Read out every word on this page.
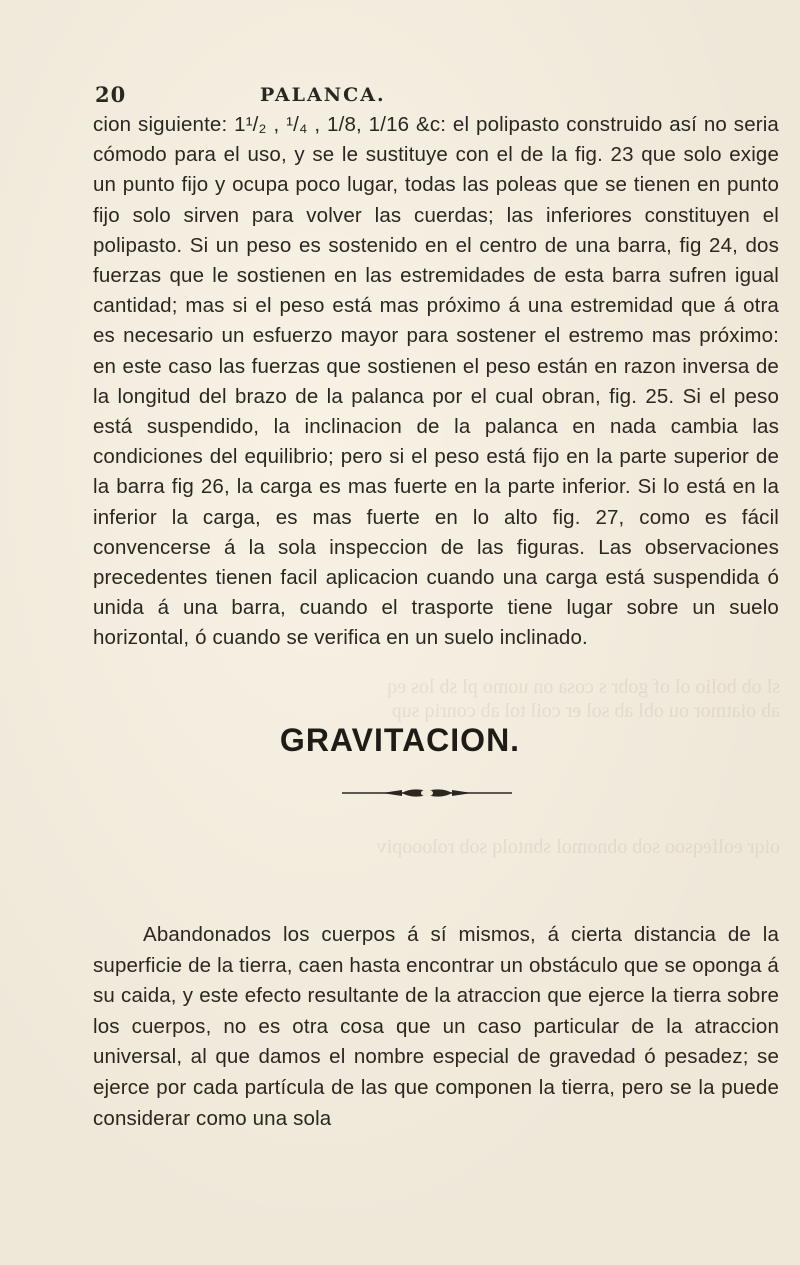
sl ob bolio ol of gobr s cosa on uomo pl sb los eq
ab oiatmor ou obl ab sol er coil tol ab conriq sup
oiqr eolfeqsoo sob obnomol sbntolq sob rolooopiv
20	PALANCA.

cion siguiente: 1¹/₂ , ¹/₄ , 1/8, 1/16 &c: el polipasto construido así no seria cómodo para el uso, y se le sustituye con el de la fig. 23 que solo exige un punto fijo y ocupa poco lugar, todas las poleas que se tienen en punto fijo solo sirven para volver las cuerdas; las inferiores constituyen el polipasto. Si un peso es sostenido en el centro de una barra, fig 24, dos fuerzas que le sostienen en las estremidades de esta barra sufren igual cantidad; mas si el peso está mas próximo á una estremidad que á otra es necesario un esfuerzo mayor para sostener el estremo mas próximo: en este caso las fuerzas que sostienen el peso están en razon inversa de la longitud del brazo de la palanca por el cual obran, fig. 25. Si el peso está suspendido, la inclinacion de la palanca en nada cambia las condiciones del equilibrio; pero si el peso está fijo en la parte superior de la barra fig 26, la carga es mas fuerte en la parte inferior. Si lo está en la inferior la carga, es mas fuerte en lo alto fig. 27, como es fácil convencerse á la sola inspeccion de las figuras. Las observaciones precedentes tienen facil aplicacion cuando una carga está suspendida ó unida á una barra, cuando el trasporte tiene lugar sobre un suelo horizontal, ó cuando se verifica en un suelo inclinado.

GRAVITACION.

Abandonados los cuerpos á sí mismos, á cierta distancia de la superficie de la tierra, caen hasta encontrar un obstáculo que se oponga á su caida, y este efecto resultante de la atraccion que ejerce la tierra sobre los cuerpos, no es otra cosa que un caso particular de la atraccion universal, al que damos el nombre especial de gravedad ó pesadez; se ejerce por cada partícula de las que componen la tierra, pero se la puede considerar como una sola
